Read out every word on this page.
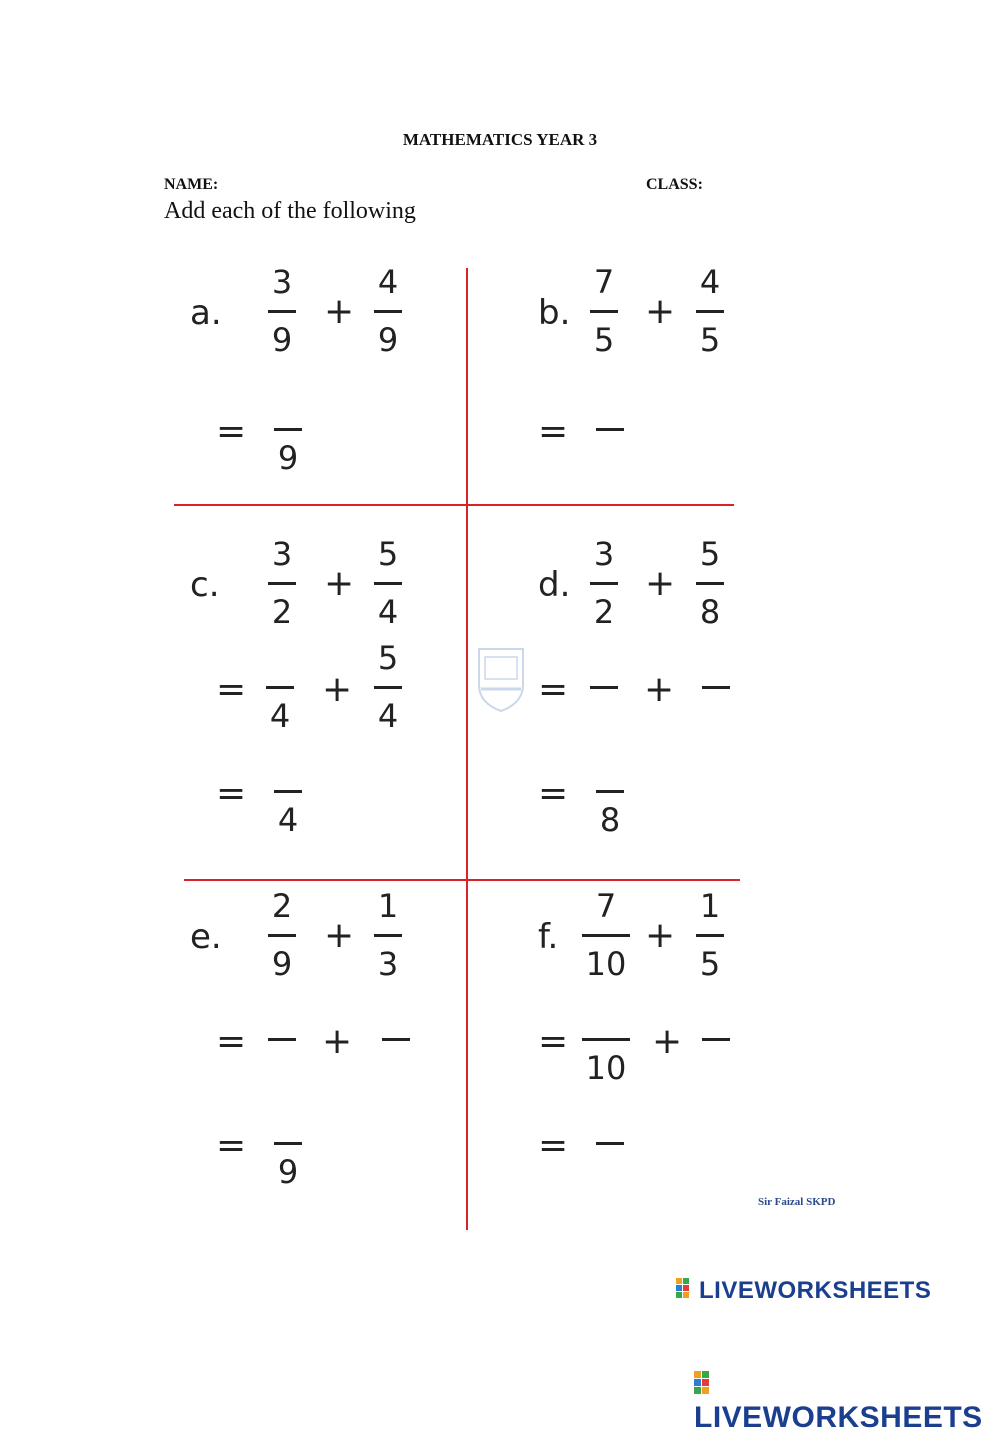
MATHEMATICS YEAR 3
NAME:	CLASS:
Add each of the following
a.
3
9
+
4
9
=
9
b.
7
5
+
4
5
=
c.
3
2
+
5
4
=
4
+
5
4
=
4
d.
3
2
+
5
8
= +
=
8
e.
2
9
+
1
3
= +
=
9
f.
7
10
+
1
5
=
10
+
=
Sir Faizal SKPD
LIVEWORKSHEETS
LIVEWORKSHEETS
